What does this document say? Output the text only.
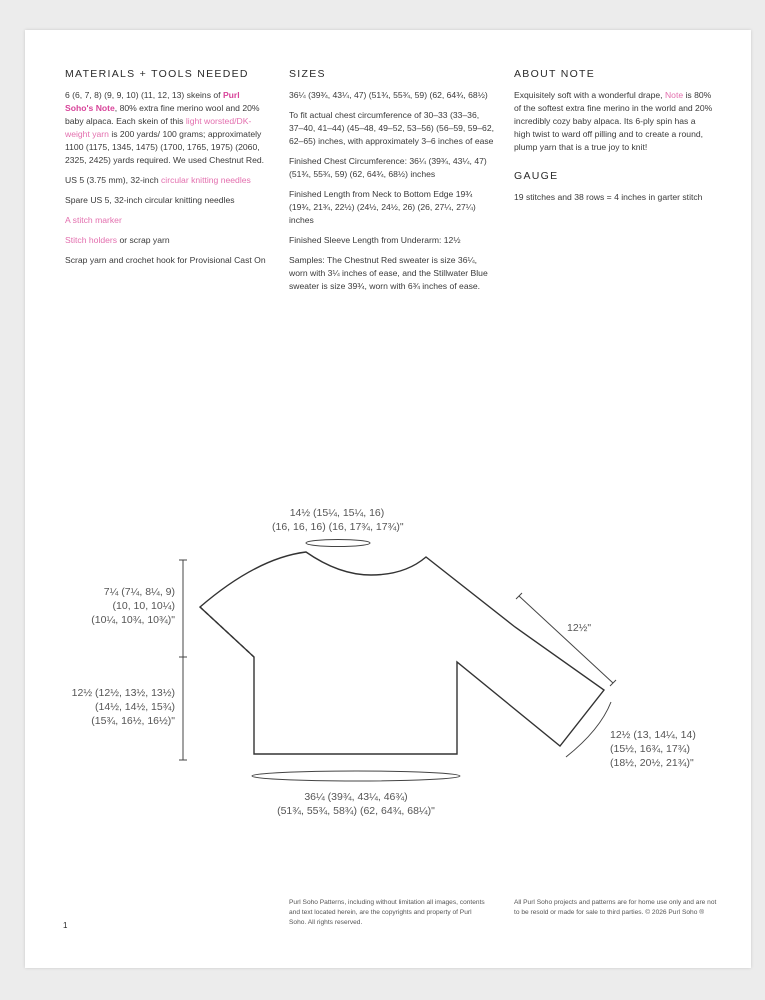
MATERIALS + TOOLS NEEDED

6 (6, 7, 8) (9, 9, 10) (11, 12, 13) skeins of Purl Soho's Note, 80% extra fine merino wool and 20% baby alpaca. Each skein of this light worsted/DK-weight yarn is 200 yards/ 100 grams; approximately 1100 (1175, 1345, 1475) (1700, 1765, 1975) (2060, 2325, 2425) yards required. We used Chestnut Red.

US 5 (3.75 mm), 32-inch circular knitting needles

Spare US 5, 32-inch circular knitting needles

A stitch marker

Stitch holders or scrap yarn

Scrap yarn and crochet hook for Provisional Cast On

SIZES

36¼ (39¾, 43¼, 47) (51¾, 55¾, 59) (62, 64¾, 68½)

To fit actual chest circumference of 30–33 (33–36, 37–40, 41–44) (45–48, 49–52, 53–56) (56–59, 59–62, 62–65) inches, with approximately 3–6 inches of ease

Finished Chest Circumference: 36¼ (39¾, 43¼, 47) (51¾, 55¾, 59) (62, 64¾, 68½) inches

Finished Length from Neck to Bottom Edge 19¾ (19¾, 21¾, 22½) (24½, 24½, 26) (26, 27¼, 27¼) inches

Finished Sleeve Length from Underarm: 12½

Samples: The Chestnut Red sweater is size 36¼, worn with 3¼ inches of ease, and the Stillwater Blue sweater is size 39¾, worn with 6¾ inches of ease.

ABOUT NOTE

Exquisitely soft with a wonderful drape, Note is 80% of the softest extra fine merino in the world and 20% incredibly cozy baby alpaca. Its 6-ply spin has a high twist to ward off pilling and to create a round, plump yarn that is a true joy to knit!

GAUGE

19 stitches and 38 rows = 4 inches in garter stitch

14½ (15¼, 15¼, 16)
(16, 16, 16) (16, 17¾, 17¾)"
7¼ (7¼, 8¼, 9)
(10, 10, 10¼)
(10¼, 10¾, 10¾)"
12½ (12½, 13½, 13½)
(14½, 14½, 15¾)
(15¾, 16½, 16½)"
12½"
12½ (13, 14¼, 14)
(15½, 16¾, 17¾)
(18½, 20½, 21¾)"
36¼ (39¾, 43¼, 46¾)
(51¾, 55¾, 58¾) (62, 64¾, 68¼)"
1
Purl Soho Patterns, including without limitation all images, contents and text located herein, are the copyrights and property of Purl Soho. All rights reserved.
All Purl Soho projects and patterns are for home use only and are not to be resold or made for sale to third parties. © 2026 Purl Soho ®
